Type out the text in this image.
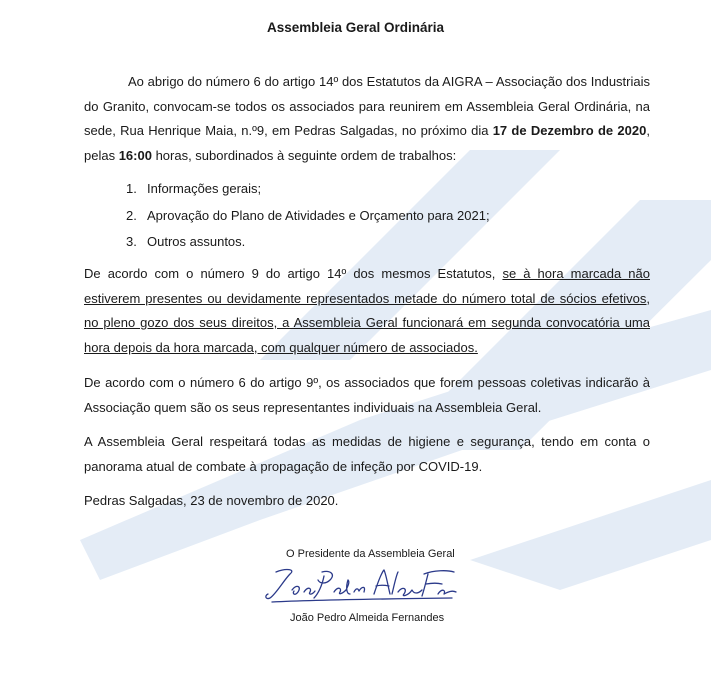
Assembleia Geral Ordinária

Ao abrigo do número 6 do artigo 14º dos Estatutos da AIGRA – Associação dos Industriais do Granito, convocam-se todos os associados para reunirem em Assembleia Geral Ordinária, na sede, Rua Henrique Maia, n.º9, em Pedras Salgadas, no próximo dia 17 de Dezembro de 2020, pelas 16:00 horas, subordinados à seguinte ordem de trabalhos:

1. Informações gerais;
2. Aprovação do Plano de Atividades e Orçamento para 2021;
3. Outros assuntos.

De acordo com o número 9 do artigo 14º dos mesmos Estatutos, se à hora marcada não estiverem presentes ou devidamente representados metade do número total de sócios efetivos, no pleno gozo dos seus direitos, a Assembleia Geral funcionará em segunda convocatória uma hora depois da hora marcada, com qualquer número de associados.

De acordo com o número 6 do artigo 9º, os associados que forem pessoas coletivas indicarão à Associação quem são os seus representantes individuais na Assembleia Geral.

A Assembleia Geral respeitará todas as medidas de higiene e segurança, tendo em conta o panorama atual de combate à propagação de infeção por COVID-19.

Pedras Salgadas, 23 de novembro de 2020.

O Presidente da Assembleia Geral
João Pedro Almeida Fernandes
